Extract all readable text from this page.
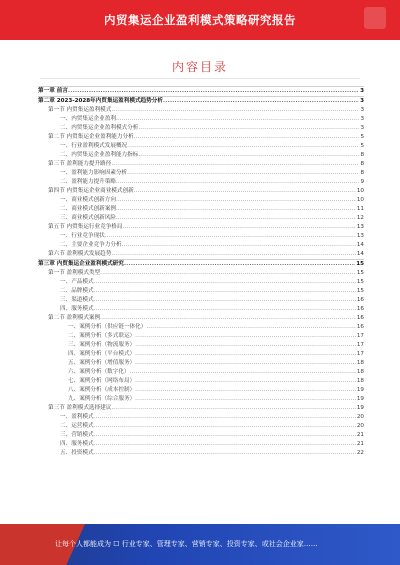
内贸集运企业盈利模式策略研究报告
内容目录
第一章 前言 .....	3
第二章 2023-2028年内贸集运盈利模式趋势分析 .....	3
第一节 内贸集运盈利模式 .....	3
一、内贸集运企业盈利 .....	3
二、内贸集运企业盈利模式分析 .....	3
第二节 内贸集运企业盈利能力分析 .....	5
一、行业盈利模式发展概况 .....	5
二、内贸集运企业盈利能力指标 .....	8
第三节 盈利能力提升路径 .....	8
一、盈利能力影响因素分析 .....	8
二、盈利能力提升策略 .....	9
第四节 内贸集运企业商业模式创新 .....	10
一、商业模式创新方向 .....	10
二、商业模式创新案例 .....	11
三、商业模式创新风险 .....	12
第五节 内贸集运行业竞争格局 .....	13
一、行业竞争现状 .....	13
二、主要企业竞争力分析 .....	14
第六节 盈利模式发展趋势 .....	14
第三章 内贸集运企业盈利模式研究 .....	15
第一节 盈利模式类型 .....	15
一、产品模式 .....	15
二、品牌模式 .....	15
三、渠道模式 .....	16
四、服务模式 .....	16
第二节 盈利模式案例 .....	16
一、案例分析（供应链一体化） .....	16
二、案例分析（多式联运） .....	17
三、案例分析（物流服务） .....	17
四、案例分析（平台模式） .....	17
五、案例分析（增值服务） .....	18
六、案例分析（数字化） .....	18
七、案例分析（网络布局） .....	18
八、案例分析（成本控制） .....	19
九、案例分析（综合服务） .....	19
第三节 盈利模式选择建议 .....	19
一、盈利模式 .....	20
二、运营模式 .....	20
三、营销模式 .....	21
四、服务模式 .....	21
五、投资模式 .....	22
让每个人都能成为 ☐ 行业专家、管理专家、营销专家、投资专家、或社会企业家……
